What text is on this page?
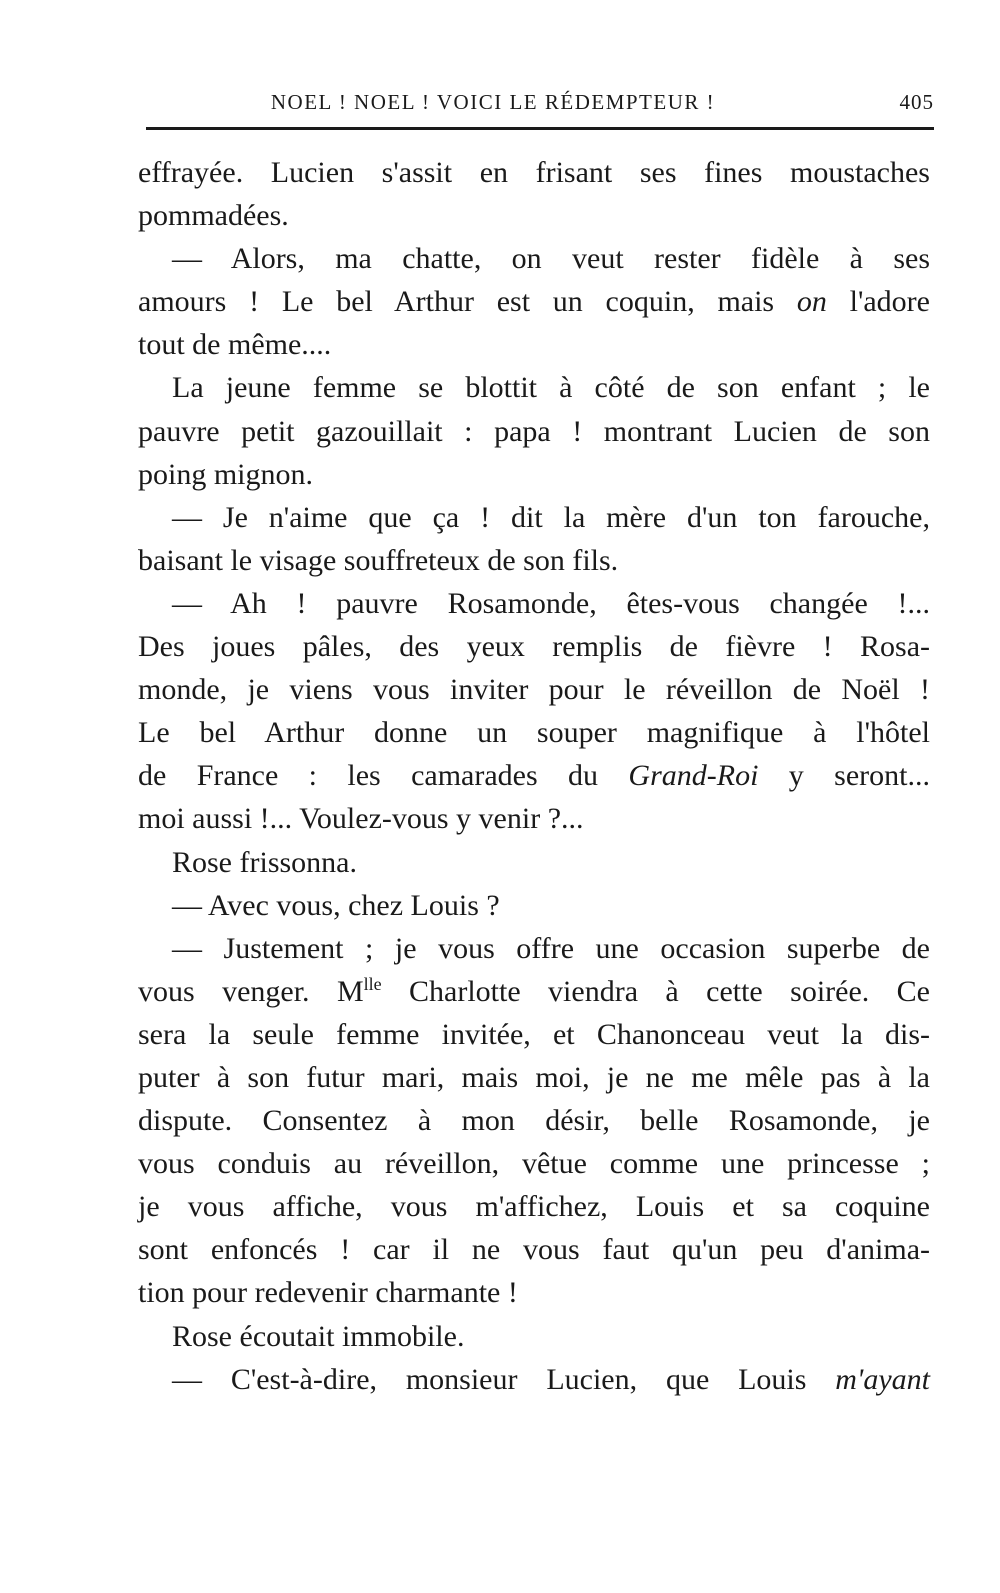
NOEL ! NOEL ! VOICI LE RÉDEMPTEUR !	405
effrayée. Lucien s'assit en frisant ses fines moustaches
pommadées.
— Alors, ma chatte, on veut rester fidèle à ses
amours ! Le bel Arthur est un coquin, mais on l'adore
tout de même....
La jeune femme se blottit à côté de son enfant ; le
pauvre petit gazouillait : papa ! montrant Lucien de son
poing mignon.
— Je n'aime que ça ! dit la mère d'un ton farouche,
baisant le visage souffreteux de son fils.
— Ah ! pauvre Rosamonde, êtes-vous changée !...
Des joues pâles, des yeux remplis de fièvre ! Rosa-
monde, je viens vous inviter pour le réveillon de Noël !
Le bel Arthur donne un souper magnifique à l'hôtel
de France : les camarades du Grand-Roi y seront...
moi aussi !... Voulez-vous y venir ?...
Rose frissonna.
— Avec vous, chez Louis ?
— Justement ; je vous offre une occasion superbe de
vous venger. $M^{lle}$ Charlotte viendra à cette soirée. Ce
sera la seule femme invitée, et Chanonceau veut la dis-
puter à son futur mari, mais moi, je ne me mêle pas à la
dispute. Consentez à mon désir, belle Rosamonde, je
vous conduis au réveillon, vêtue comme une princesse ;
je vous affiche, vous m'affichez, Louis et sa coquine
sont enfoncés ! car il ne vous faut qu'un peu d'anima-
tion pour redevenir charmante !
Rose écoutait immobile.
— C'est-à-dire, monsieur Lucien, que Louis m'ayant
